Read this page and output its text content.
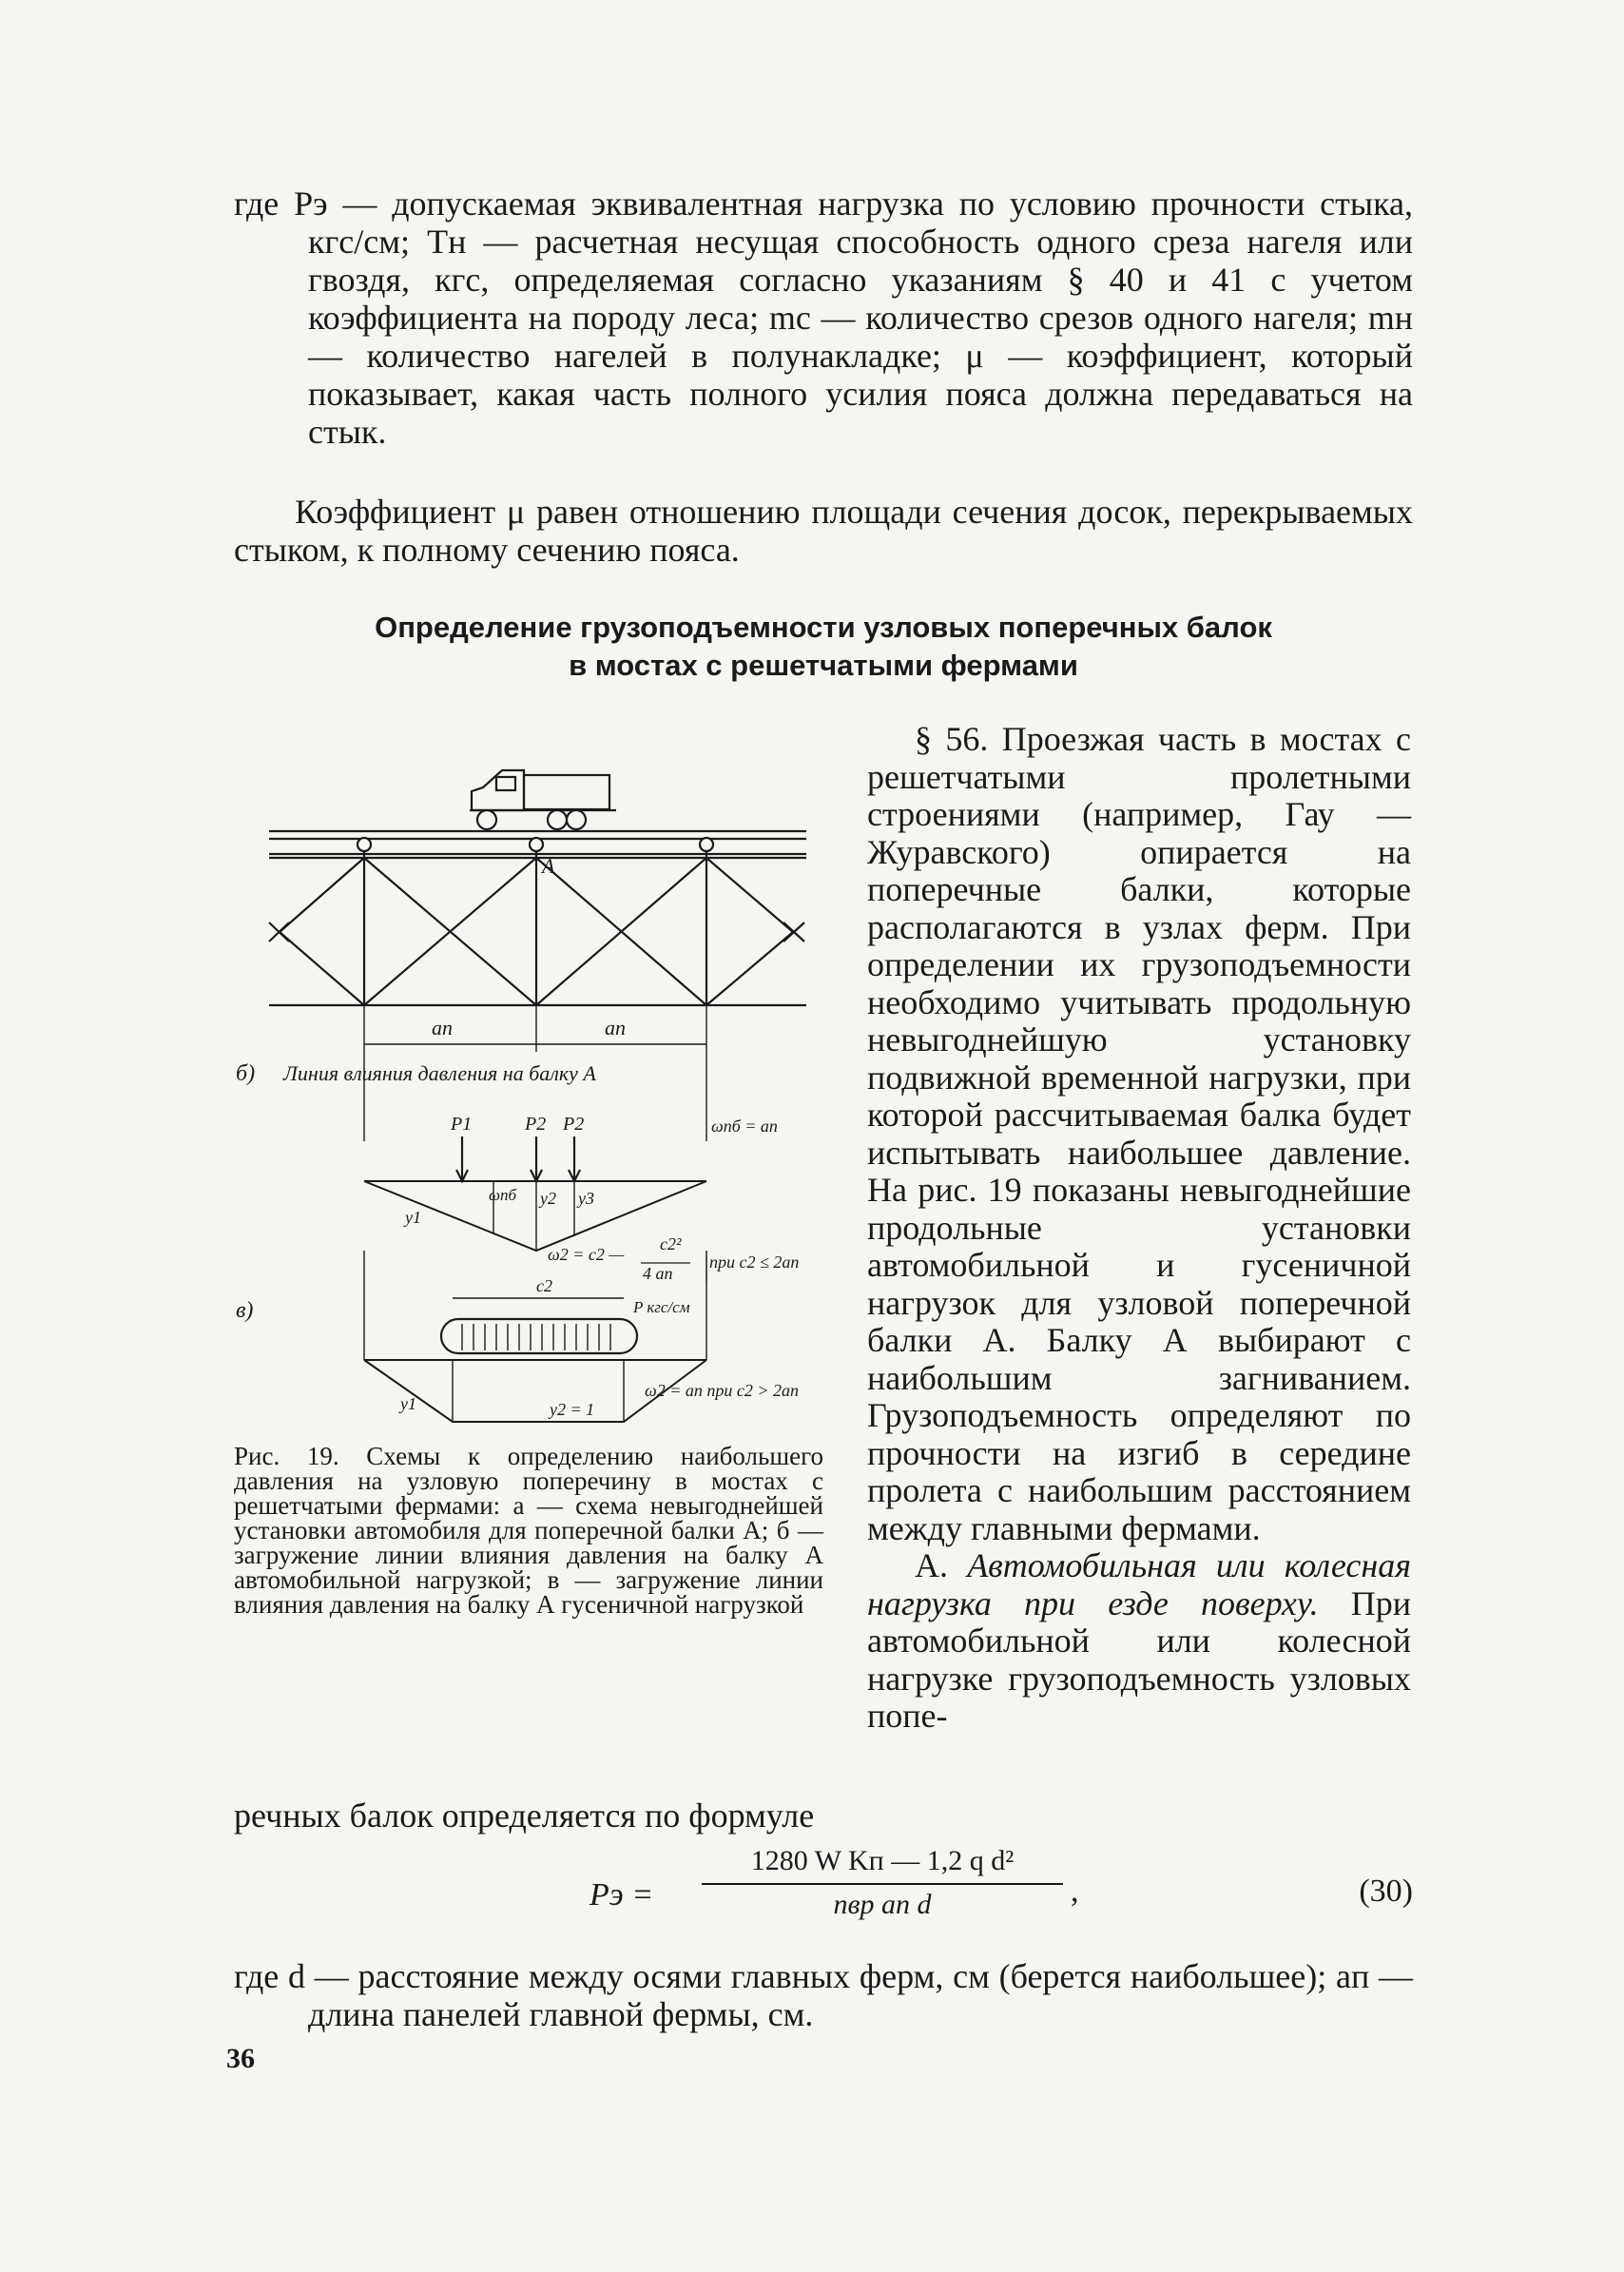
где Pэ — допускаемая эквивалентная нагрузка по условию прочности стыка, кгс/см; Tн — расчетная несущая способность одного среза нагеля или гвоздя, кгс, определяемая согласно указаниям § 40 и 41 с учетом коэффициента на породу леса; mс — количество срезов одного нагеля; mн — количество нагелей в полунакладке; μ — коэффициент, который показывает, какая часть полного усилия пояса должна передаваться на стык.
Коэффициент μ равен отношению площади сечения досок, перекрываемых стыком, к полному сечению пояса.
Определение грузоподъемности узловых поперечных балок
в мостах с решетчатыми фермами
A
aп	aп
б) Линия влияния давления на балку А
P1	P2 P2	ωпб = aп
ωпб
y1
y2 y3
ω2 = c2 —
c2²
4 aп
при c2 ≤ 2aп
c2
P кгс/см
в)
y1	y2 = 1
ω2 = aп при c2 > 2aп
Рис. 19. Схемы к определению наибольшего давления на узловую поперечину в мостах с решетчатыми фермами: а — схема невыгоднейшей установки автомобиля для поперечной балки А; б — загружение линии влияния давления на балку А автомобильной нагрузкой; в — загружение линии влияния давления на балку А гусеничной нагрузкой

§ 56. Проезжая часть в мостах с решетчатыми пролетными строениями (например, Гау — Журавского) опирается на поперечные балки, которые располагаются в узлах ферм. При определении их грузоподъемности необходимо учитывать продольную невыгоднейшую установку подвижной временной нагрузки, при которой рассчитываемая балка будет испытывать наибольшее давление. На рис. 19 показаны невыгоднейшие продольные установки автомобильной и гусеничной нагрузок для узловой поперечной балки А. Балку А выбирают с наибольшим загниванием. Грузоподъемность определяют по прочности на изгиб в середине пролета с наибольшим расстоянием между главными фермами.

А. Автомобильная или колесная нагрузка при езде поверху. При автомобильной или колесной нагрузке грузоподъемность узловых попе-

речных балок определяется по формуле
Pэ =
1280 W Kп — 1,2 q d²
nвр aп d	,	(30)
где d — расстояние между осями главных ферм, см (берется наибольшее); aп — длина панелей главной фермы, см.
36
